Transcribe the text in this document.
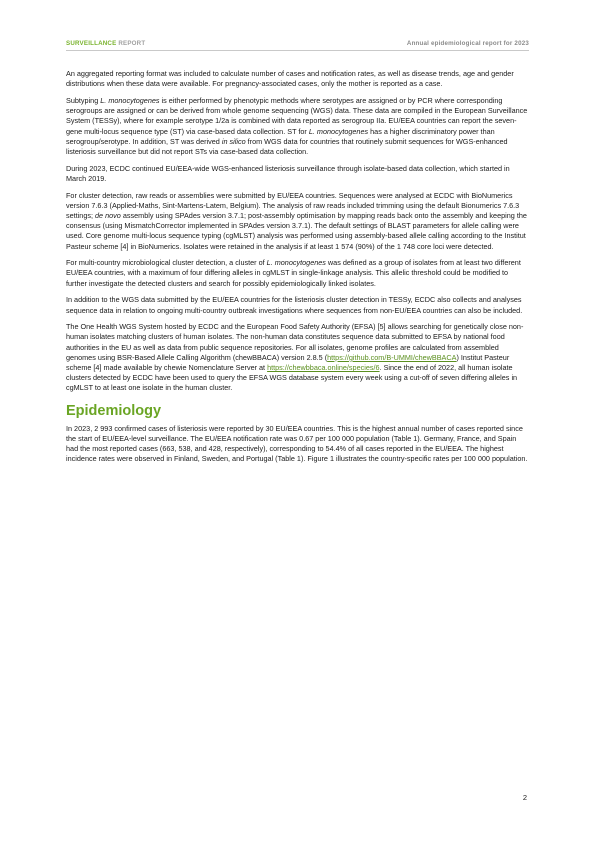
SURVEILLANCE REPORT	Annual epidemiological report for 2023

An aggregated reporting format was included to calculate number of cases and notification rates, as well as disease trends, age and gender distributions when these data were available. For pregnancy-associated cases, only the mother is reported as a case.

Subtyping L. monocytogenes is either performed by phenotypic methods where serotypes are assigned or by PCR where corresponding serogroups are assigned or can be derived from whole genome sequencing (WGS) data. These data are compiled in the European Surveillance System (TESSy), where for example serotype 1/2a is combined with data reported as serogroup IIa. EU/EEA countries can report the seven-gene multi-locus sequence type (ST) via case-based data collection. ST for L. monocytogenes has a higher discriminatory power than serogroup/serotype. In addition, ST was derived in silico from WGS data for countries that routinely submit sequences for WGS-enhanced listeriosis surveillance but did not report STs via case-based data collection.

During 2023, ECDC continued EU/EEA-wide WGS-enhanced listeriosis surveillance through isolate-based data collection, which started in March 2019.

For cluster detection, raw reads or assemblies were submitted by EU/EEA countries. Sequences were analysed at ECDC with BioNumerics version 7.6.3 (Applied-Maths, Sint-Martens-Latem, Belgium). The analysis of raw reads included trimming using the default Bionumerics 7.6.3 settings; de novo assembly using SPAdes version 3.7.1; post-assembly optimisation by mapping reads back onto the assembly and keeping the consensus (using MismatchCorrector implemented in SPAdes version 3.7.1). The default settings of BLAST parameters for allele calling were used. Core genome multi-locus sequence typing (cgMLST) analysis was performed using assembly-based allele calling according to the Institut Pasteur scheme [4] in BioNumerics. Isolates were retained in the analysis if at least 1 574 (90%) of the 1 748 core loci were detected.

For multi-country microbiological cluster detection, a cluster of L. monocytogenes was defined as a group of isolates from at least two different EU/EEA countries, with a maximum of four differing alleles in cgMLST in single-linkage analysis. This allelic threshold could be modified to further investigate the detected clusters and search for possibly epidemiologically linked isolates.

In addition to the WGS data submitted by the EU/EEA countries for the listeriosis cluster detection in TESSy, ECDC also collects and analyses sequence data in relation to ongoing multi-country outbreak investigations where sequences from non-EU/EEA countries can also be included.

The One Health WGS System hosted by ECDC and the European Food Safety Authority (EFSA) [5] allows searching for genetically close non-human isolates matching clusters of human isolates. The non-human data constitutes sequence data submitted to EFSA by national food authorities in the EU as well as data from public sequence repositories. For all isolates, genome profiles are calculated from assembled genomes using BSR-Based Allele Calling Algorithm (chewBBACA) version 2.8.5 (https://github.com/B-UMMI/chewBBACA) Institut Pasteur scheme [4] made available by chewie Nomenclature Server at https://chewbbaca.online/species/6. Since the end of 2022, all human isolate clusters detected by ECDC have been used to query the EFSA WGS database system every week using a cut-off of seven differing alleles in cgMLST to at least one isolate in the human cluster.

Epidemiology

In 2023, 2 993 confirmed cases of listeriosis were reported by 30 EU/EEA countries. This is the highest annual number of cases reported since the start of EU/EEA-level surveillance. The EU/EEA notification rate was 0.67 per 100 000 population (Table 1). Germany, France, and Spain had the most reported cases (663, 538, and 428, respectively), corresponding to 54.4% of all cases reported in the EU/EEA. The highest incidence rates were observed in Finland, Sweden, and Portugal (Table 1). Figure 1 illustrates the country-specific rates per 100 000 population.

2
